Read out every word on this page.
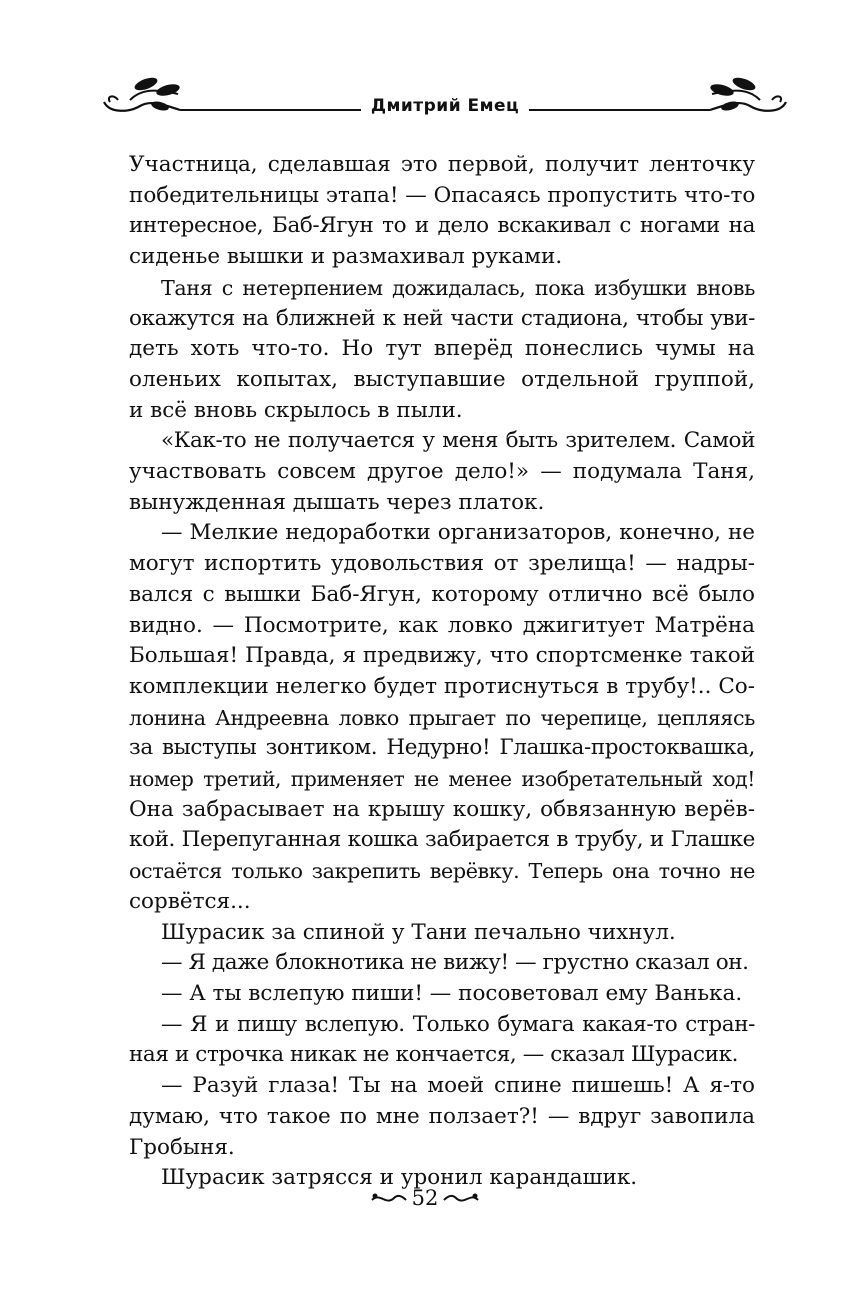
Дмитрий Емец

Участница, сделавшая это первой, получит ленточку

победительницы этапа! — Опасаясь пропустить что-то

интересное, Баб-Ягун то и дело вскакивал с ногами на

сиденье вышки и размахивал руками.

Таня с нетерпением дожидалась, пока избушки вновь

окажутся на ближней к ней части стадиона, чтобы уви-

деть хоть что-то. Но тут вперёд понеслись чумы на

оленьих копытах, выступавшие отдельной группой,

и всё вновь скрылось в пыли.

«Как-то не получается у меня быть зрителем. Самой

участвовать совсем другое дело!» — подумала Таня,

вынужденная дышать через платок.

— Мелкие недоработки организаторов, конечно, не

могут испортить удовольствия от зрелища! — надры-

вался с вышки Баб-Ягун, которому отлично всё было

видно. — Посмотрите, как ловко джигитует Матрёна

Большая! Правда, я предвижу, что спортсменке такой

комплекции нелегко будет протиснуться в трубу!.. Со-

лонина Андреевна ловко прыгает по черепице, цепляясь

за выступы зонтиком. Недурно! Глашка-простоквашка,

номер третий, применяет не менее изобретательный ход!

Она забрасывает на крышу кошку, обвязанную верёв-

кой. Перепуганная кошка забирается в трубу, и Глашке

остаётся только закрепить верёвку. Теперь она точно не

сорвётся...

Шурасик за спиной у Тани печально чихнул.

— Я даже блокнотика не вижу! — грустно сказал он.

— А ты вслепую пиши! — посоветовал ему Ванька.

— Я и пишу вслепую. Только бумага какая-то стран-

ная и строчка никак не кончается, — сказал Шурасик.

— Разуй глаза! Ты на моей спине пишешь! А я-то

думаю, что такое по мне ползает?! — вдруг завопила

Гробыня.

Шурасик затрясся и уронил карандашик.

52
